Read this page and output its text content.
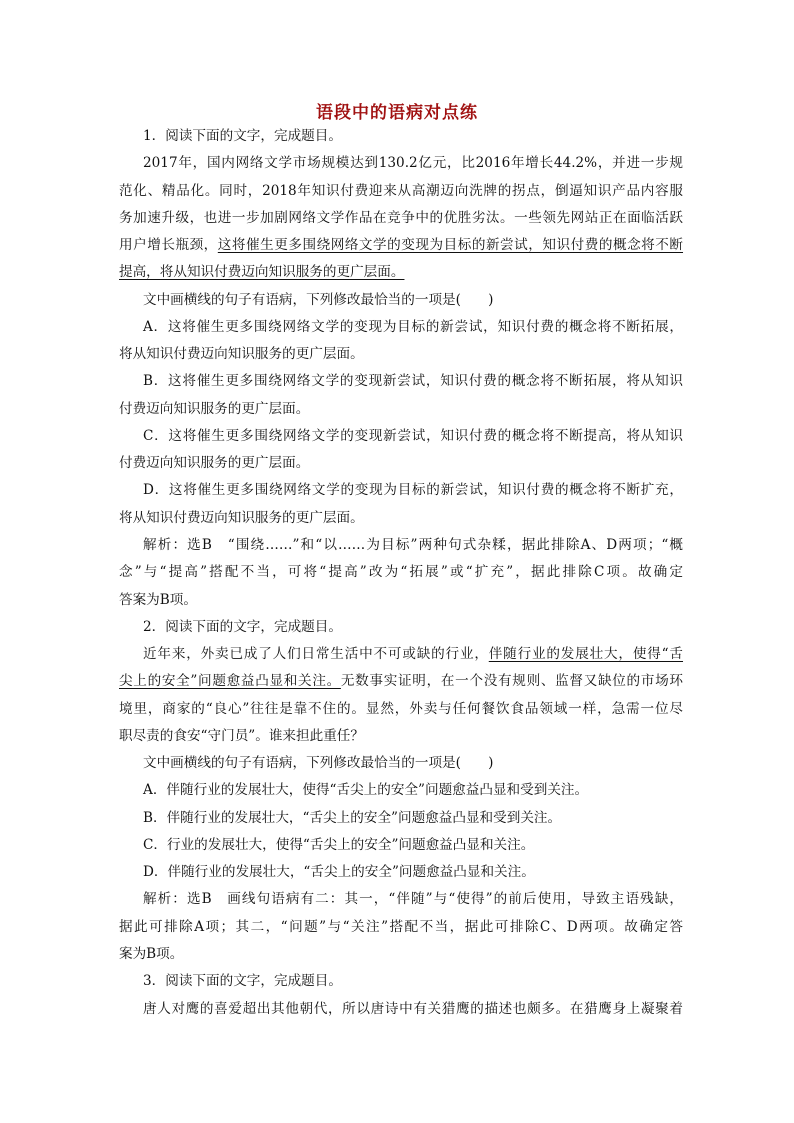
语段中的语病对点练
1．阅读下面的文字，完成题目。
2017年，国内网络文学市场规模达到130.2亿元，比2016年增长44.2%，并进一步规
范化、精品化。同时，2018年知识付费迎来从高潮迈向洗牌的拐点，倒逼知识产品内容服
务加速升级，也进一步加剧网络文学作品在竞争中的优胜劣汰。一些领先网站正在面临活跃
用户增长瓶颈，这将催生更多围绕网络文学的变现为目标的新尝试，知识付费的概念将不断
提高，将从知识付费迈向知识服务的更广层面。
文中画横线的句子有语病，下列修改最恰当的一项是(　　)
A．这将催生更多围绕网络文学的变现为目标的新尝试，知识付费的概念将不断拓展，
将从知识付费迈向知识服务的更广层面。
B．这将催生更多围绕网络文学的变现新尝试，知识付费的概念将不断拓展，将从知识
付费迈向知识服务的更广层面。
C．这将催生更多围绕网络文学的变现新尝试，知识付费的概念将不断提高，将从知识
付费迈向知识服务的更广层面。
D．这将催生更多围绕网络文学的变现为目标的新尝试，知识付费的概念将不断扩充，
将从知识付费迈向知识服务的更广层面。
解析：选B　“围绕……”和“以……为目标”两种句式杂糅，据此排除A、D两项；“概
念”与“提高”搭配不当，可将“提高”改为“拓展”或“扩充”，据此排除C项。故确定
答案为B项。
2．阅读下面的文字，完成题目。
近年来，外卖已成了人们日常生活中不可或缺的行业，伴随行业的发展壮大，使得“舌
尖上的安全”问题愈益凸显和关注。无数事实证明，在一个没有规则、监督又缺位的市场环
境里，商家的“良心”往往是靠不住的。显然，外卖与任何餐饮食品领域一样，急需一位尽
职尽责的食安“守门员”。谁来担此重任？
文中画横线的句子有语病，下列修改最恰当的一项是(　　)
A．伴随行业的发展壮大，使得“舌尖上的安全”问题愈益凸显和受到关注。
B．伴随行业的发展壮大，“舌尖上的安全”问题愈益凸显和受到关注。
C．行业的发展壮大，使得“舌尖上的安全”问题愈益凸显和关注。
D．伴随行业的发展壮大，“舌尖上的安全”问题愈益凸显和关注。
解析：选B　画线句语病有二：其一，“伴随”与“使得”的前后使用，导致主语残缺，
据此可排除A项；其二，“问题”与“关注”搭配不当，据此可排除C、D两项。故确定答
案为B项。
3．阅读下面的文字，完成题目。
唐人对鹰的喜爱超出其他朝代，所以唐诗中有关猎鹰的描述也颇多。在猎鹰身上凝聚着
